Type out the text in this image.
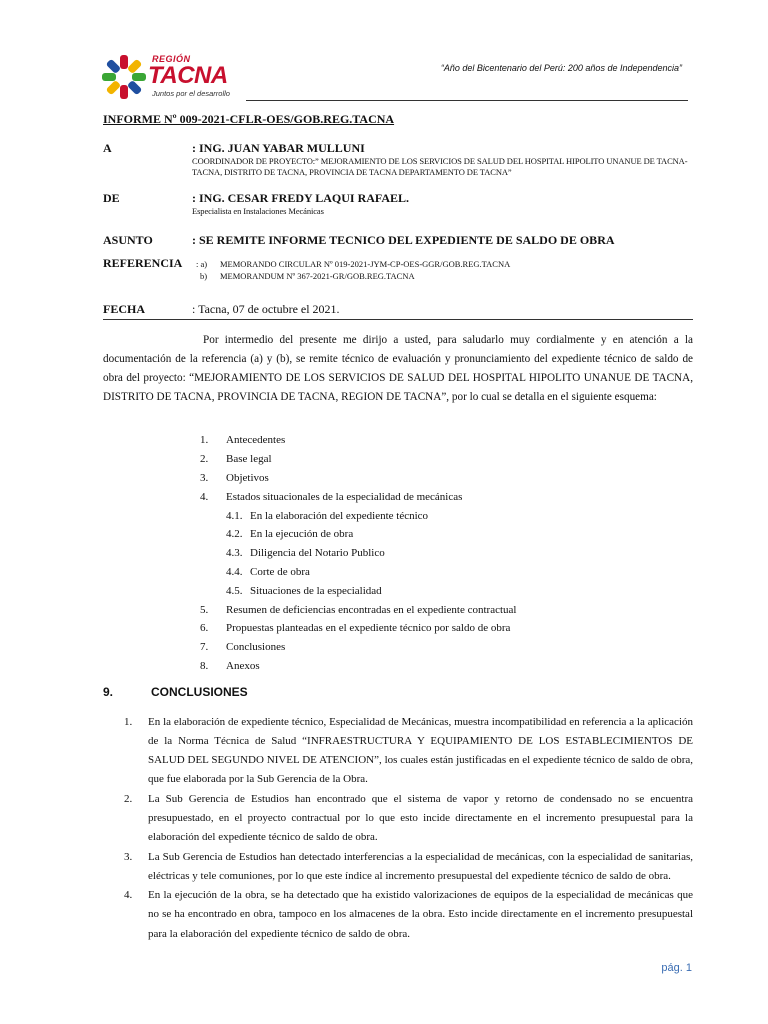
REGIÓN
TACNA
Juntos por el desarrollo
“Año del Bicentenario del Perú: 200 años de Independencia”
INFORME Nº 009-2021-CFLR-OES/GOB.REG.TACNA
A	: ING. JUAN YABAR MULLUNI
COORDINADOR DE PROYECTO:” MEJORAMIENTO DE LOS SERVICIOS DE SALUD DEL HOSPITAL HIPOLITO UNANUE DE TACNA-TACNA, DISTRITO DE TACNA, PROVINCIA DE TACNA DEPARTAMENTO DE TACNA”
DE	: ING. CESAR FREDY LAQUI RAFAEL.
Especialista en Instalaciones Mecánicas
ASUNTO	: SE REMITE INFORME TECNICO DEL EXPEDIENTE DE SALDO DE OBRA
REFERENCIA	: a)	MEMORANDO CIRCULAR Nº 019-2021-JYM-CP-OES-GGR/GOB.REG.TACNA
b)	MEMORANDUM Nº 367-2021-GR/GOB.REG.TACNA
FECHA	: Tacna, 07 de octubre el 2021.
Por intermedio del presente me dirijo a usted, para saludarlo muy cordialmente y en atención a la documentación de la referencia (a) y (b), se remite técnico de evaluación y pronunciamiento del expediente técnico de saldo de obra del proyecto: “MEJORAMIENTO DE LOS SERVICIOS DE SALUD DEL HOSPITAL HIPOLITO UNANUE DE TACNA, DISTRITO DE TACNA, PROVINCIA DE TACNA, REGION DE TACNA”, por lo cual se detalla en el siguiente esquema:
1.	Antecedentes
2.	Base legal
3.	Objetivos
4.	Estados situacionales de la especialidad de mecánicas
4.1. En la elaboración del expediente técnico
4.2. En la ejecución de obra
4.3. Diligencia del Notario Publico
4.4. Corte de obra
4.5. Situaciones de la especialidad
5.	Resumen de deficiencias encontradas en el expediente contractual
6.	Propuestas planteadas en el expediente técnico por saldo de obra
7.	Conclusiones
8.	Anexos
9.	CONCLUSIONES
1.	En la elaboración de expediente técnico, Especialidad de Mecánicas, muestra incompatibilidad en referencia a la aplicación de la Norma Técnica de Salud “INFRAESTRUCTURA Y EQUIPAMIENTO DE LOS ESTABLECIMIENTOS DE SALUD DEL SEGUNDO NIVEL DE ATENCION”, los cuales están justificadas en el expediente técnico de saldo de obra, que fue elaborada por la Sub Gerencia de la Obra.
2.	La Sub Gerencia de Estudios han encontrado que el sistema de vapor y retorno de condensado no se encuentra presupuestado, en el proyecto contractual por lo que esto incide directamente en el incremento presupuestal para la elaboración del expediente técnico de saldo de obra.
3.	La Sub Gerencia de Estudios han detectado interferencias a la especialidad de mecánicas, con la especialidad de sanitarias, eléctricas y tele comuniones, por lo que este índice al incremento presupuestal del expediente técnico de saldo de obra.
4.	En la ejecución de la obra, se ha detectado que ha existido valorizaciones de equipos de la especialidad de mecánicas que no se ha encontrado en obra, tampoco en los almacenes de la obra. Esto incide directamente en el incremento presupuestal para la elaboración del expediente técnico de saldo de obra.
pág. 1
